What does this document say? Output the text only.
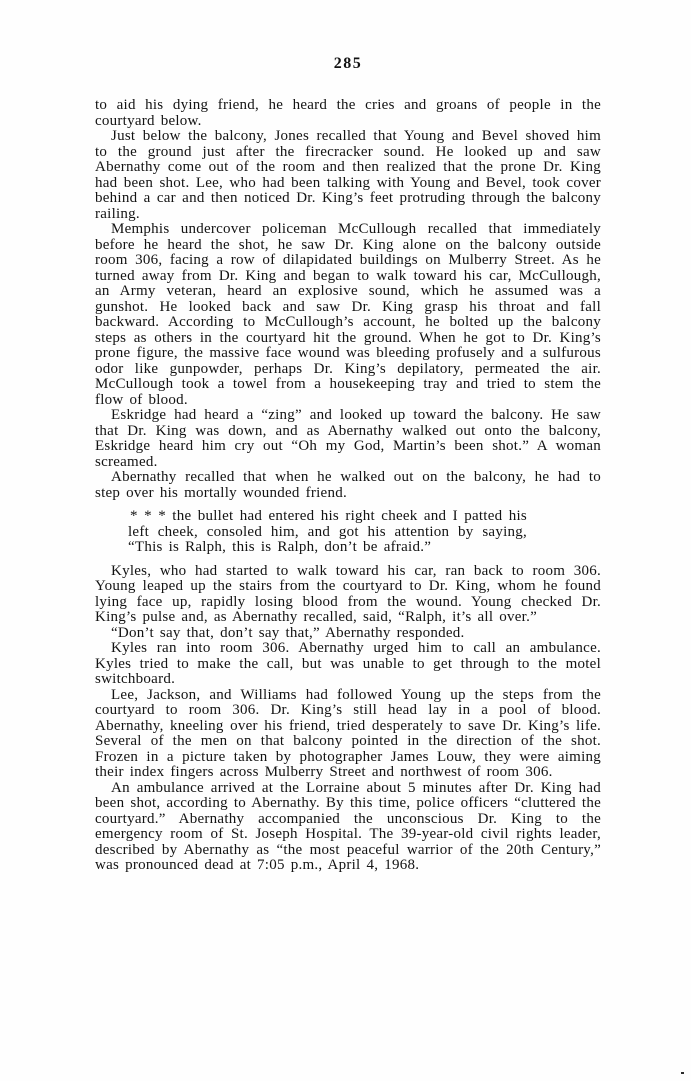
285

to aid his dying friend, he heard the cries and groans of people in the courtyard below.

Just below the balcony, Jones recalled that Young and Bevel shoved him to the ground just after the firecracker sound. He looked up and saw Abernathy come out of the room and then realized that the prone Dr. King had been shot. Lee, who had been talking with Young and Bevel, took cover behind a car and then noticed Dr. King’s feet protruding through the balcony railing.

Memphis undercover policeman McCullough recalled that immediately before he heard the shot, he saw Dr. King alone on the balcony outside room 306, facing a row of dilapidated buildings on Mulberry Street. As he turned away from Dr. King and began to walk toward his car, McCullough, an Army veteran, heard an explosive sound, which he assumed was a gunshot. He looked back and saw Dr. King grasp his throat and fall backward. According to McCullough’s account, he bolted up the balcony steps as others in the courtyard hit the ground. When he got to Dr. King’s prone figure, the massive face wound was bleeding profusely and a sulfurous odor like gunpowder, perhaps Dr. King’s depilatory, permeated the air. McCullough took a towel from a housekeeping tray and tried to stem the flow of blood.

Eskridge had heard a “zing” and looked up toward the balcony. He saw that Dr. King was down, and as Abernathy walked out onto the balcony, Eskridge heard him cry out “Oh my God, Martin’s been shot.” A woman screamed.

Abernathy recalled that when he walked out on the balcony, he had to step over his mortally wounded friend.

* * * the bullet had entered his right cheek and I patted his left cheek, consoled him, and got his attention by saying, “This is Ralph, this is Ralph, don’t be afraid.”

Kyles, who had started to walk toward his car, ran back to room 306. Young leaped up the stairs from the courtyard to Dr. King, whom he found lying face up, rapidly losing blood from the wound. Young checked Dr. King’s pulse and, as Abernathy recalled, said, “Ralph, it’s all over.”

“Don’t say that, don’t say that,” Abernathy responded.

Kyles ran into room 306. Abernathy urged him to call an ambulance. Kyles tried to make the call, but was unable to get through to the motel switchboard.

Lee, Jackson, and Williams had followed Young up the steps from the courtyard to room 306. Dr. King’s still head lay in a pool of blood. Abernathy, kneeling over his friend, tried desperately to save Dr. King’s life. Several of the men on that balcony pointed in the direction of the shot. Frozen in a picture taken by photographer James Louw, they were aiming their index fingers across Mulberry Street and northwest of room 306.

An ambulance arrived at the Lorraine about 5 minutes after Dr. King had been shot, according to Abernathy. By this time, police officers “cluttered the courtyard.” Abernathy accompanied the unconscious Dr. King to the emergency room of St. Joseph Hospital. The 39-year-old civil rights leader, described by Abernathy as “the most peaceful warrior of the 20th Century,” was pronounced dead at 7:05 p.m., April 4, 1968.
